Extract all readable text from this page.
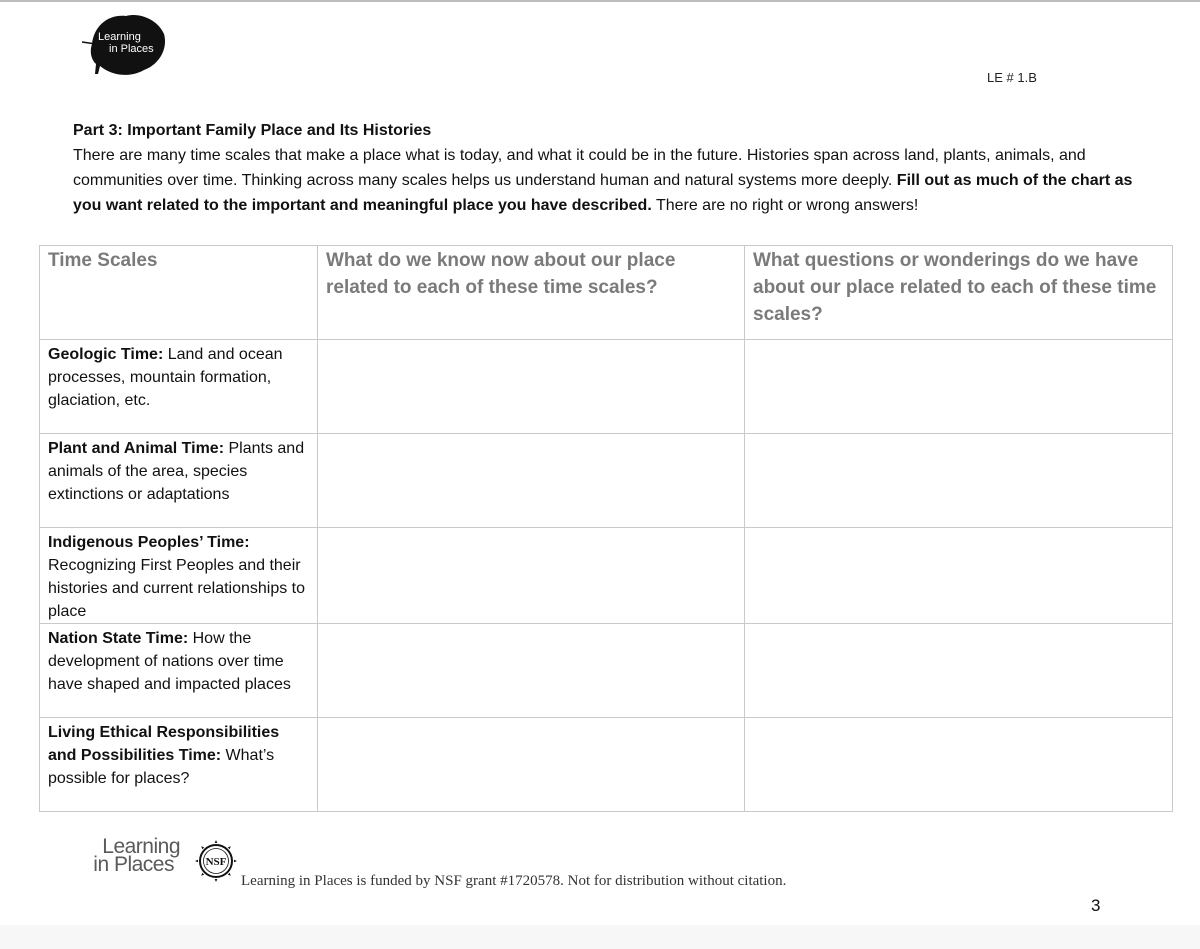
Learning
in Places
LE # 1.B
Part 3: Important Family Place and Its Histories
There are many time scales that make a place what is today, and what it could be in the future. Histories span across land, plants, animals, and communities over time. Thinking across many scales helps us understand human and natural systems more deeply. Fill out as much of the chart as you want related to the important and meaningful place you have described. There are no right or wrong answers!
Time Scales	What do we know now about our place related to each of these time scales?	What questions or wonderings do we have about our place related to each of these time scales?
Geologic Time: Land and ocean processes, mountain formation, glaciation, etc.		
Plant and Animal Time: Plants and animals of the area, species extinctions or adaptations		
Indigenous Peoples’ Time: Recognizing First Peoples and their histories and current relationships to place		
Nation State Time: How the development of nations over time have shaped and impacted places		
Living Ethical Responsibilities and Possibilities Time: What’s possible for places?		
Learning

in Places	NSF
Learning in Places is funded by NSF grant #1720578. Not for distribution without citation.
3
